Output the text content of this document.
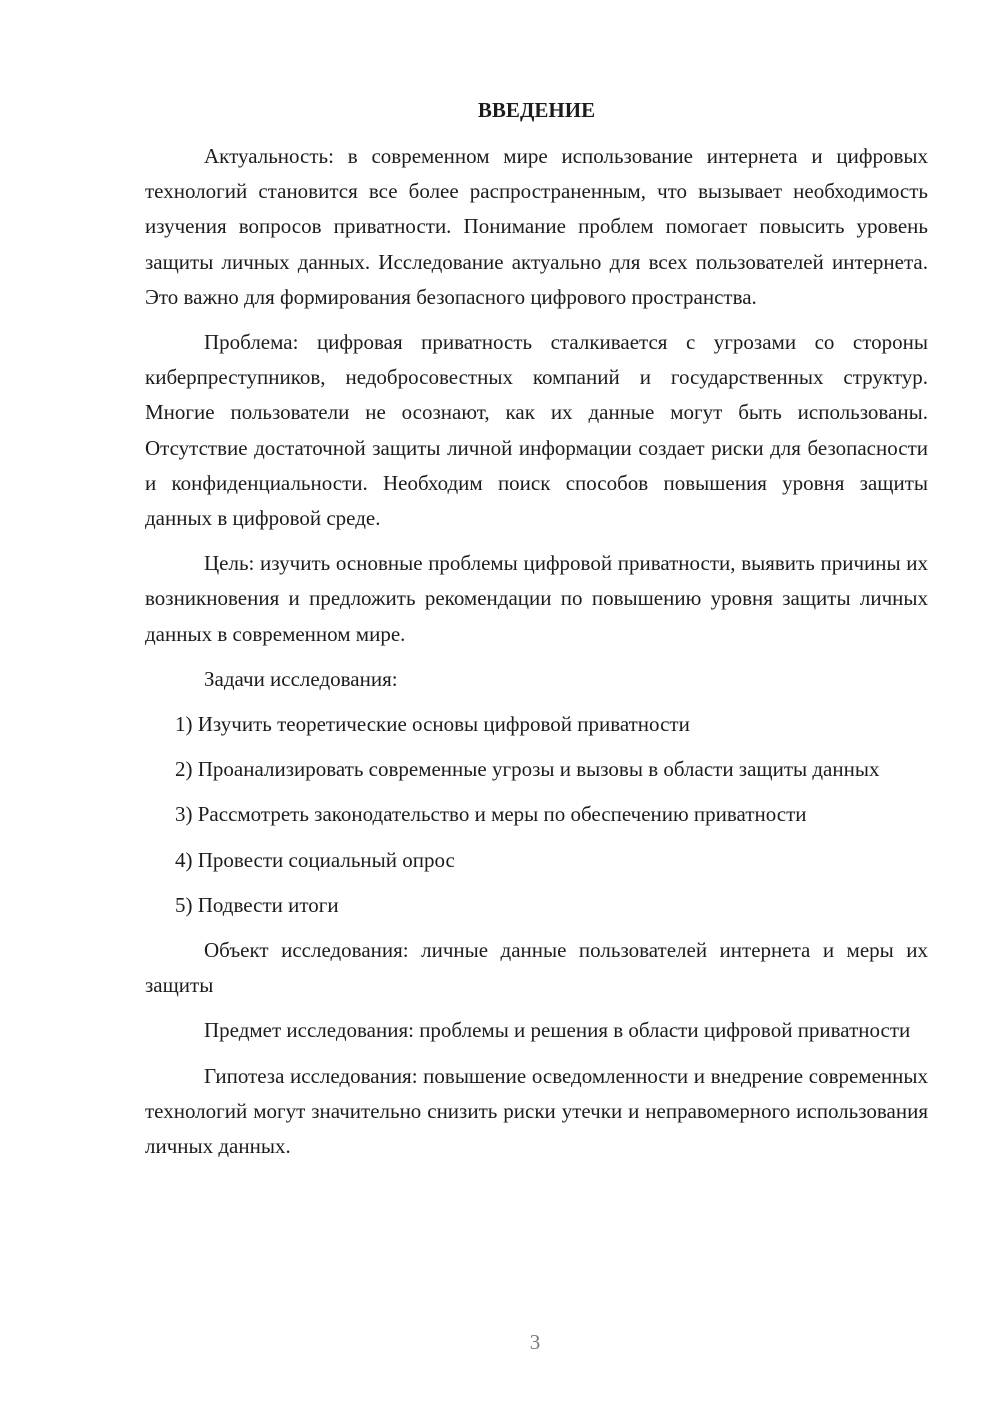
ВВЕДЕНИЕ

Актуальность: в современном мире использование интернета и цифровых технологий становится все более распространенным, что вызывает необходимость изучения вопросов приватности. Понимание проблем помогает повысить уровень защиты личных данных. Исследование актуально для всех пользователей интернета. Это важно для формирования безопасного цифрового пространства.

Проблема: цифровая приватность сталкивается с угрозами со стороны киберпреступников, недобросовестных компаний и государственных структур. Многие пользователи не осознают, как их данные могут быть использованы. Отсутствие достаточной защиты личной информации создает риски для безопасности и конфиденциальности. Необходим поиск способов повышения уровня защиты данных в цифровой среде.

Цель: изучить основные проблемы цифровой приватности, выявить причины их возникновения и предложить рекомендации по повышению уровня защиты личных данных в современном мире.

Задачи исследования:

1) Изучить теоретические основы цифровой приватности

2) Проанализировать современные угрозы и вызовы в области защиты данных

3) Рассмотреть законодательство и меры по обеспечению приватности

4) Провести социальный опрос

5) Подвести итоги

Объект исследования: личные данные пользователей интернета и меры их защиты

Предмет исследования: проблемы и решения в области цифровой приватности

Гипотеза исследования: повышение осведомленности и внедрение современных технологий могут значительно снизить риски утечки и неправомерного использования личных данных.

3
